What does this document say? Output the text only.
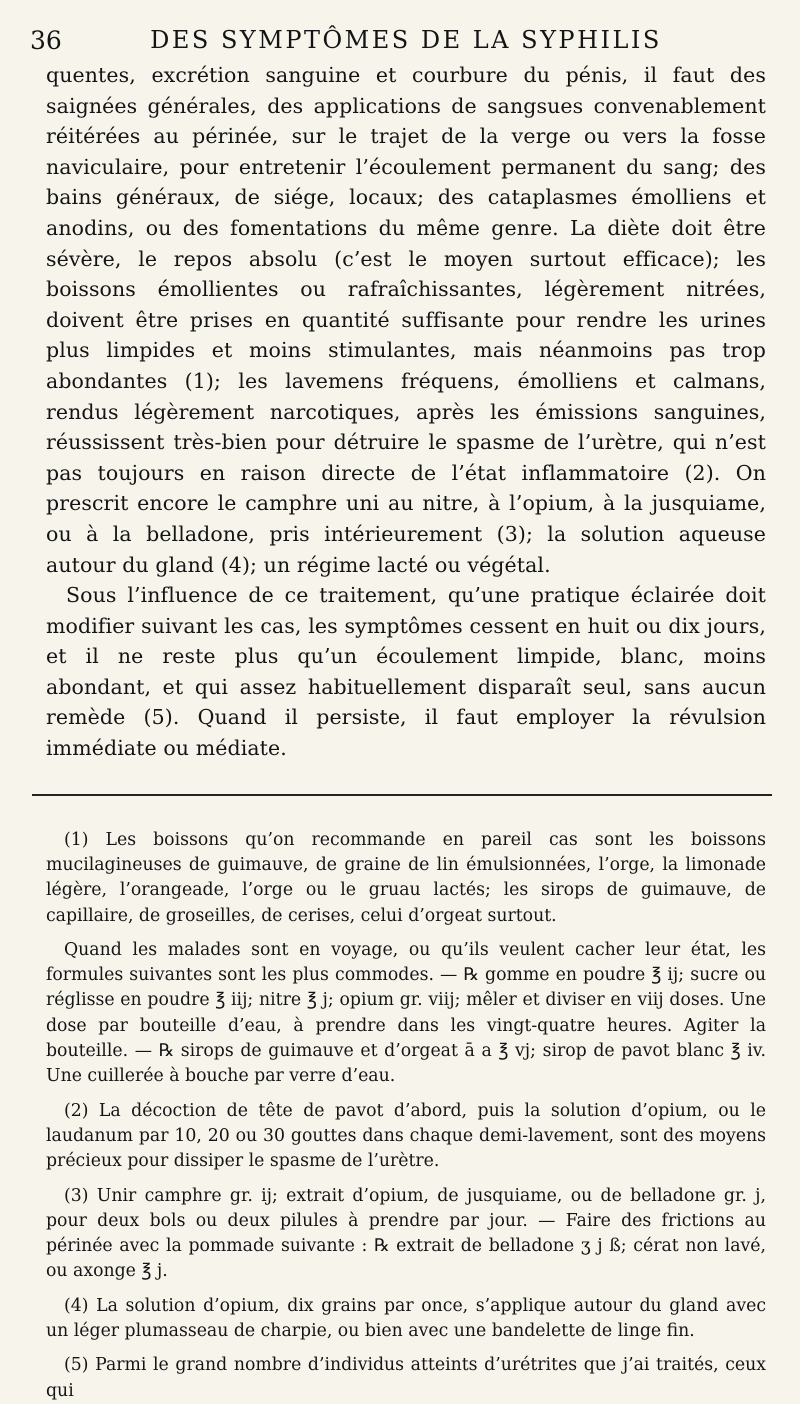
36	DES SYMPTÔMES DE LA SYPHILIS

quentes, excrétion sanguine et courbure du pénis, il faut des saignées générales, des applications de sangsues convenablement réitérées au périnée, sur le trajet de la verge ou vers la fosse naviculaire, pour entretenir l’écoulement permanent du sang; des bains généraux, de siége, locaux; des cataplasmes émolliens et anodins, ou des fomentations du même genre. La diète doit être sévère, le repos absolu (c’est le moyen surtout efficace); les boissons émollientes ou rafraîchissantes, légèrement nitrées, doivent être prises en quantité suffisante pour rendre les urines plus limpides et moins stimulantes, mais néanmoins pas trop abondantes (1); les lavemens fréquens, émolliens et calmans, rendus légèrement narcotiques, après les émissions sanguines, réussissent très-bien pour détruire le spasme de l’urètre, qui n’est pas toujours en raison directe de l’état inflammatoire (2). On prescrit encore le camphre uni au nitre, à l’opium, à la jusquiame, ou à la belladone, pris intérieurement (3); la solution aqueuse autour du gland (4); un régime lacté ou végétal.

Sous l’influence de ce traitement, qu’une pratique éclairée doit modifier suivant les cas, les symptômes cessent en huit ou dix jours, et il ne reste plus qu’un écoulement limpide, blanc, moins abondant, et qui assez habituellement disparaît seul, sans aucun remède (5). Quand il persiste, il faut employer la révulsion immédiate ou médiate.

(1) Les boissons qu’on recommande en pareil cas sont les boissons mucilagineuses de guimauve, de graine de lin émulsionnées, l’orge, la limonade légère, l’orangeade, l’orge ou le gruau lactés; les sirops de guimauve, de capillaire, de groseilles, de cerises, celui d’orgeat surtout.

Quand les malades sont en voyage, ou qu’ils veulent cacher leur état, les formules suivantes sont les plus commodes. — ℞ gomme en poudre ℥ ij; sucre ou réglisse en poudre ℥ iij; nitre ℥ j; opium gr. viij; mêler et diviser en viij doses. Une dose par bouteille d’eau, à prendre dans les vingt-quatre heures. Agiter la bouteille. — ℞ sirops de guimauve et d’orgeat ā a ℥ vj; sirop de pavot blanc ℥ iv. Une cuillerée à bouche par verre d’eau.

(2) La décoction de tête de pavot d’abord, puis la solution d’opium, ou le laudanum par 10, 20 ou 30 gouttes dans chaque demi-lavement, sont des moyens précieux pour dissiper le spasme de l’urètre.

(3) Unir camphre gr. ij; extrait d’opium, de jusquiame, ou de belladone gr. j, pour deux bols ou deux pilules à prendre par jour. — Faire des frictions au périnée avec la pommade suivante : ℞ extrait de belladone ʒ j ß; cérat non lavé, ou axonge ℥ j.

(4) La solution d’opium, dix grains par once, s’applique autour du gland avec un léger plumasseau de charpie, ou bien avec une bandelette de linge fin.

(5) Parmi le grand nombre d’individus atteints d’urétrites que j’ai traités, ceux qui
